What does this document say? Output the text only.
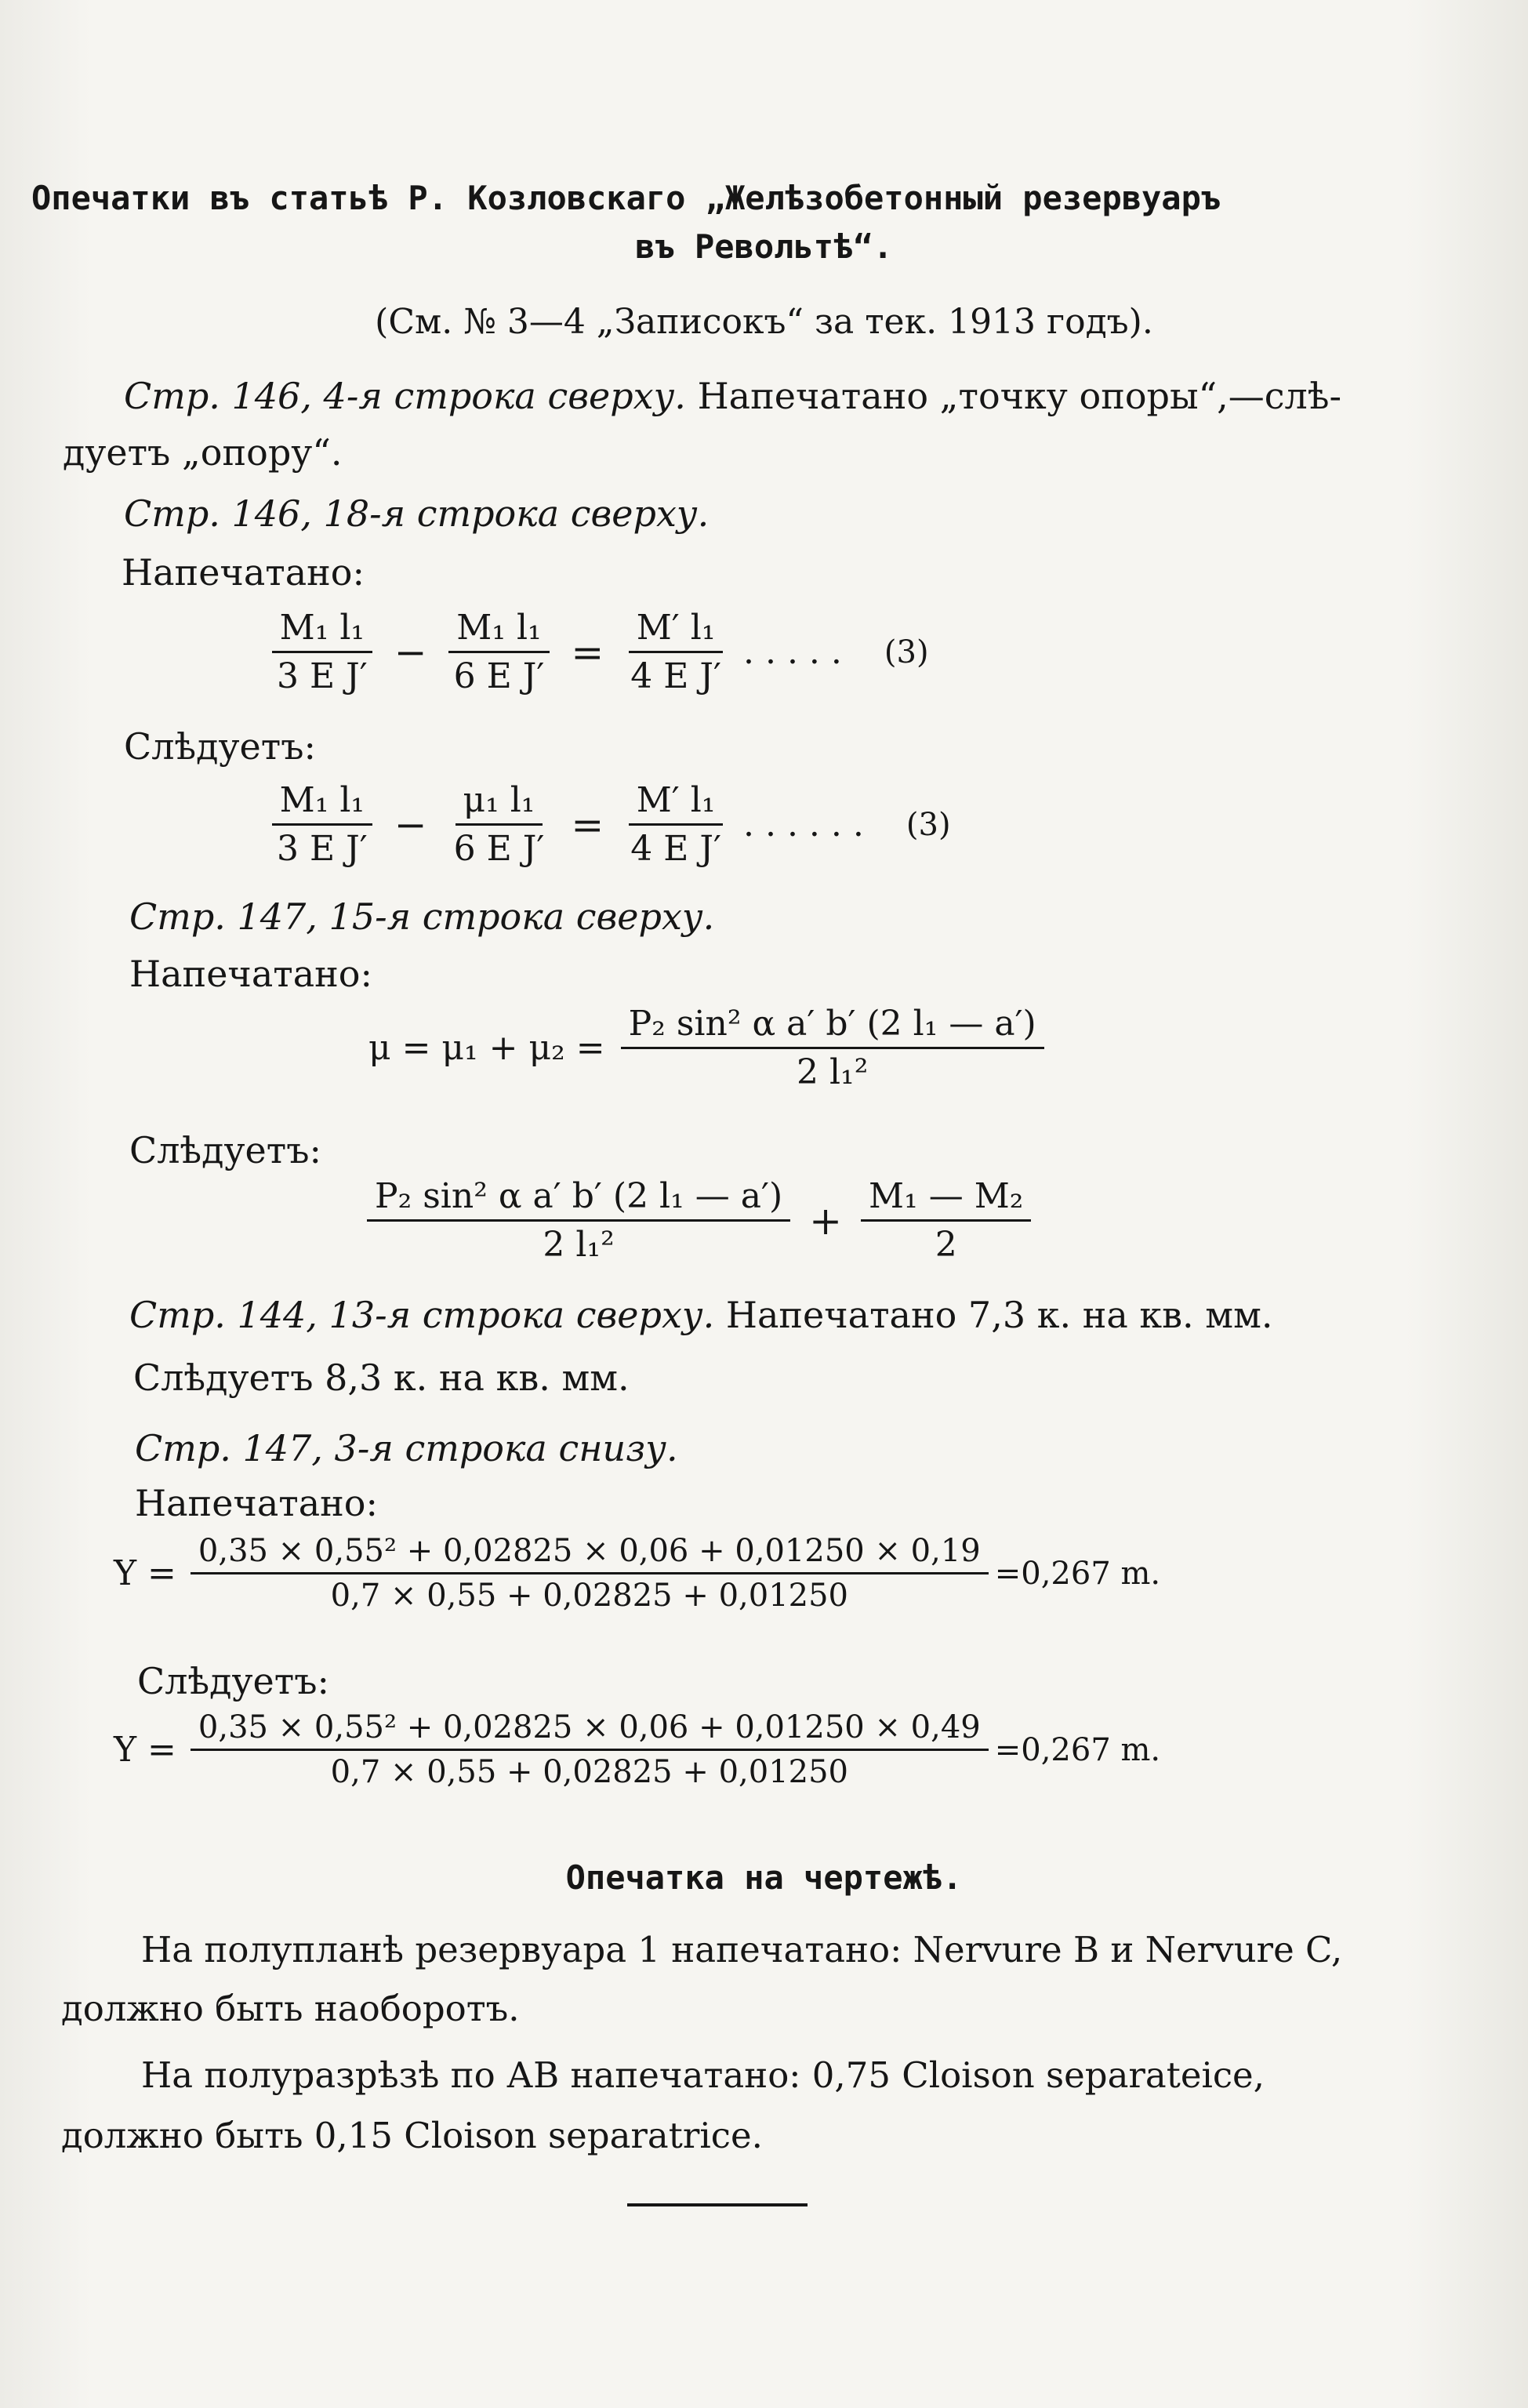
Опечатки въ статьѣ Р. Козловскаго „Желѣзобетонный резервуаръ
въ Револьтѣ“.
(См. № 3—4 „Записокъ“ за тек. 1913 годъ).
Стр. 146, 4-я строка сверху. Напечатано „точку опоры“,—слѣ-
дуетъ „опору“.
Стр. 146, 18-я строка сверху.
Напечатано:
$\frac{\text{M₁ l₁}}{\text{3 E J′}} - \frac{\text{M₁ l₁}}{\text{6 E J′}} = \frac{\text{M′ l₁}}{\text{4 E J′}}$ ..... (3)
Слѣдуетъ:
$\frac{\text{M₁ l₁}}{\text{3 E J′}} - \frac{\text{μ₁ l₁}}{\text{6 E J′}} = \frac{\text{M′ l₁}}{\text{4 E J′}}$ ...... (3)
Стр. 147, 15-я строка сверху.
Напечатано:
$\mu = \mu_1 + \mu_2 = \frac{\text{P₂ sin² α a′ b′ (2 l₁ — a′)}}{\text{2 l₁²}}$
Слѣдуетъ:
$\frac{\text{P₂ sin² α a′ b′ (2 l₁ — a′)}}{\text{2 l₁²}} + \frac{\text{M₁ — M₂}}{2}$
Стр. 144, 13-я строка сверху. Напечатано 7,3 к. на кв. мм.
Слѣдуетъ 8,3 к. на кв. мм.
Стр. 147, 3-я строка снизу.
Напечатано:
$Y = \frac{\text{0,35 × 0,55² + 0,02825 × 0,06 + 0,01250 × 0,19}}{0,7 \times 0,55 + 0,02825 + 0,01250} =0,267$ m.
Слѣдуетъ:
$Y = \frac{\text{0,35 × 0,55² + 0,02825 × 0,06 + 0,01250 × 0,49}}{0,7 \times 0,55 + 0,02825 + 0,01250} =0,267$ m.
Опечатка на чертежѣ.
На полупланѣ резервуара 1 напечатано: Nervure B и Nervure C,
должно быть наоборотъ.
На полуразрѣзѣ по АВ напечатано: 0,75 Cloison separateice,
должно быть 0,15 Cloison separatrice.
